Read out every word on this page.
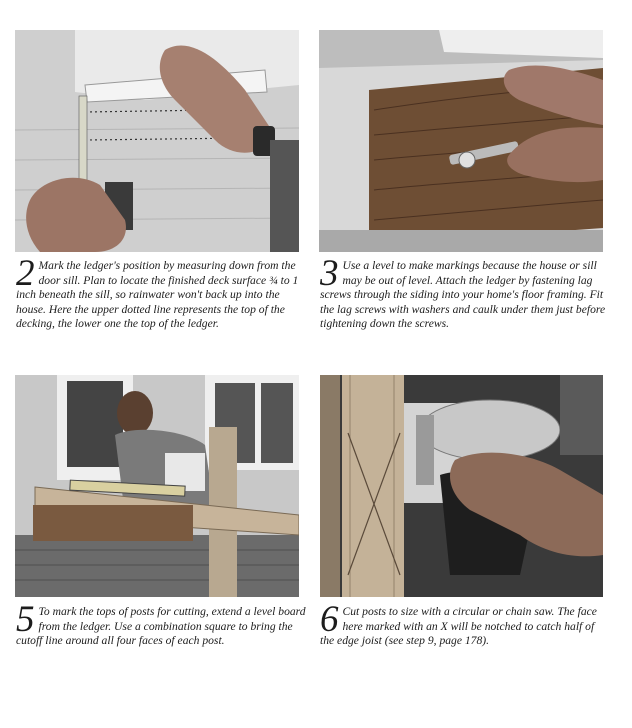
2 Mark the ledger's position by measuring down from the door sill. Plan to locate the finished deck surface ¾ to 1 inch beneath the sill, so rainwater won't back up into the house. Here the upper dotted line represents the top of the decking, the lower one the top of the ledger.
3 Use a level to make markings because the house or sill may be out of level. Attach the ledger by fastening lag screws through the siding into your home's floor framing. Fit the lag screws with washers and caulk under them just before tightening down the screws.
5 To mark the tops of posts for cutting, extend a level board from the ledger. Use a combination square to bring the cutoff line around all four faces of each post.
6 Cut posts to size with a circular or chain saw. The face here marked with an X will be notched to catch half of the edge joist (see step 9, page 178).
